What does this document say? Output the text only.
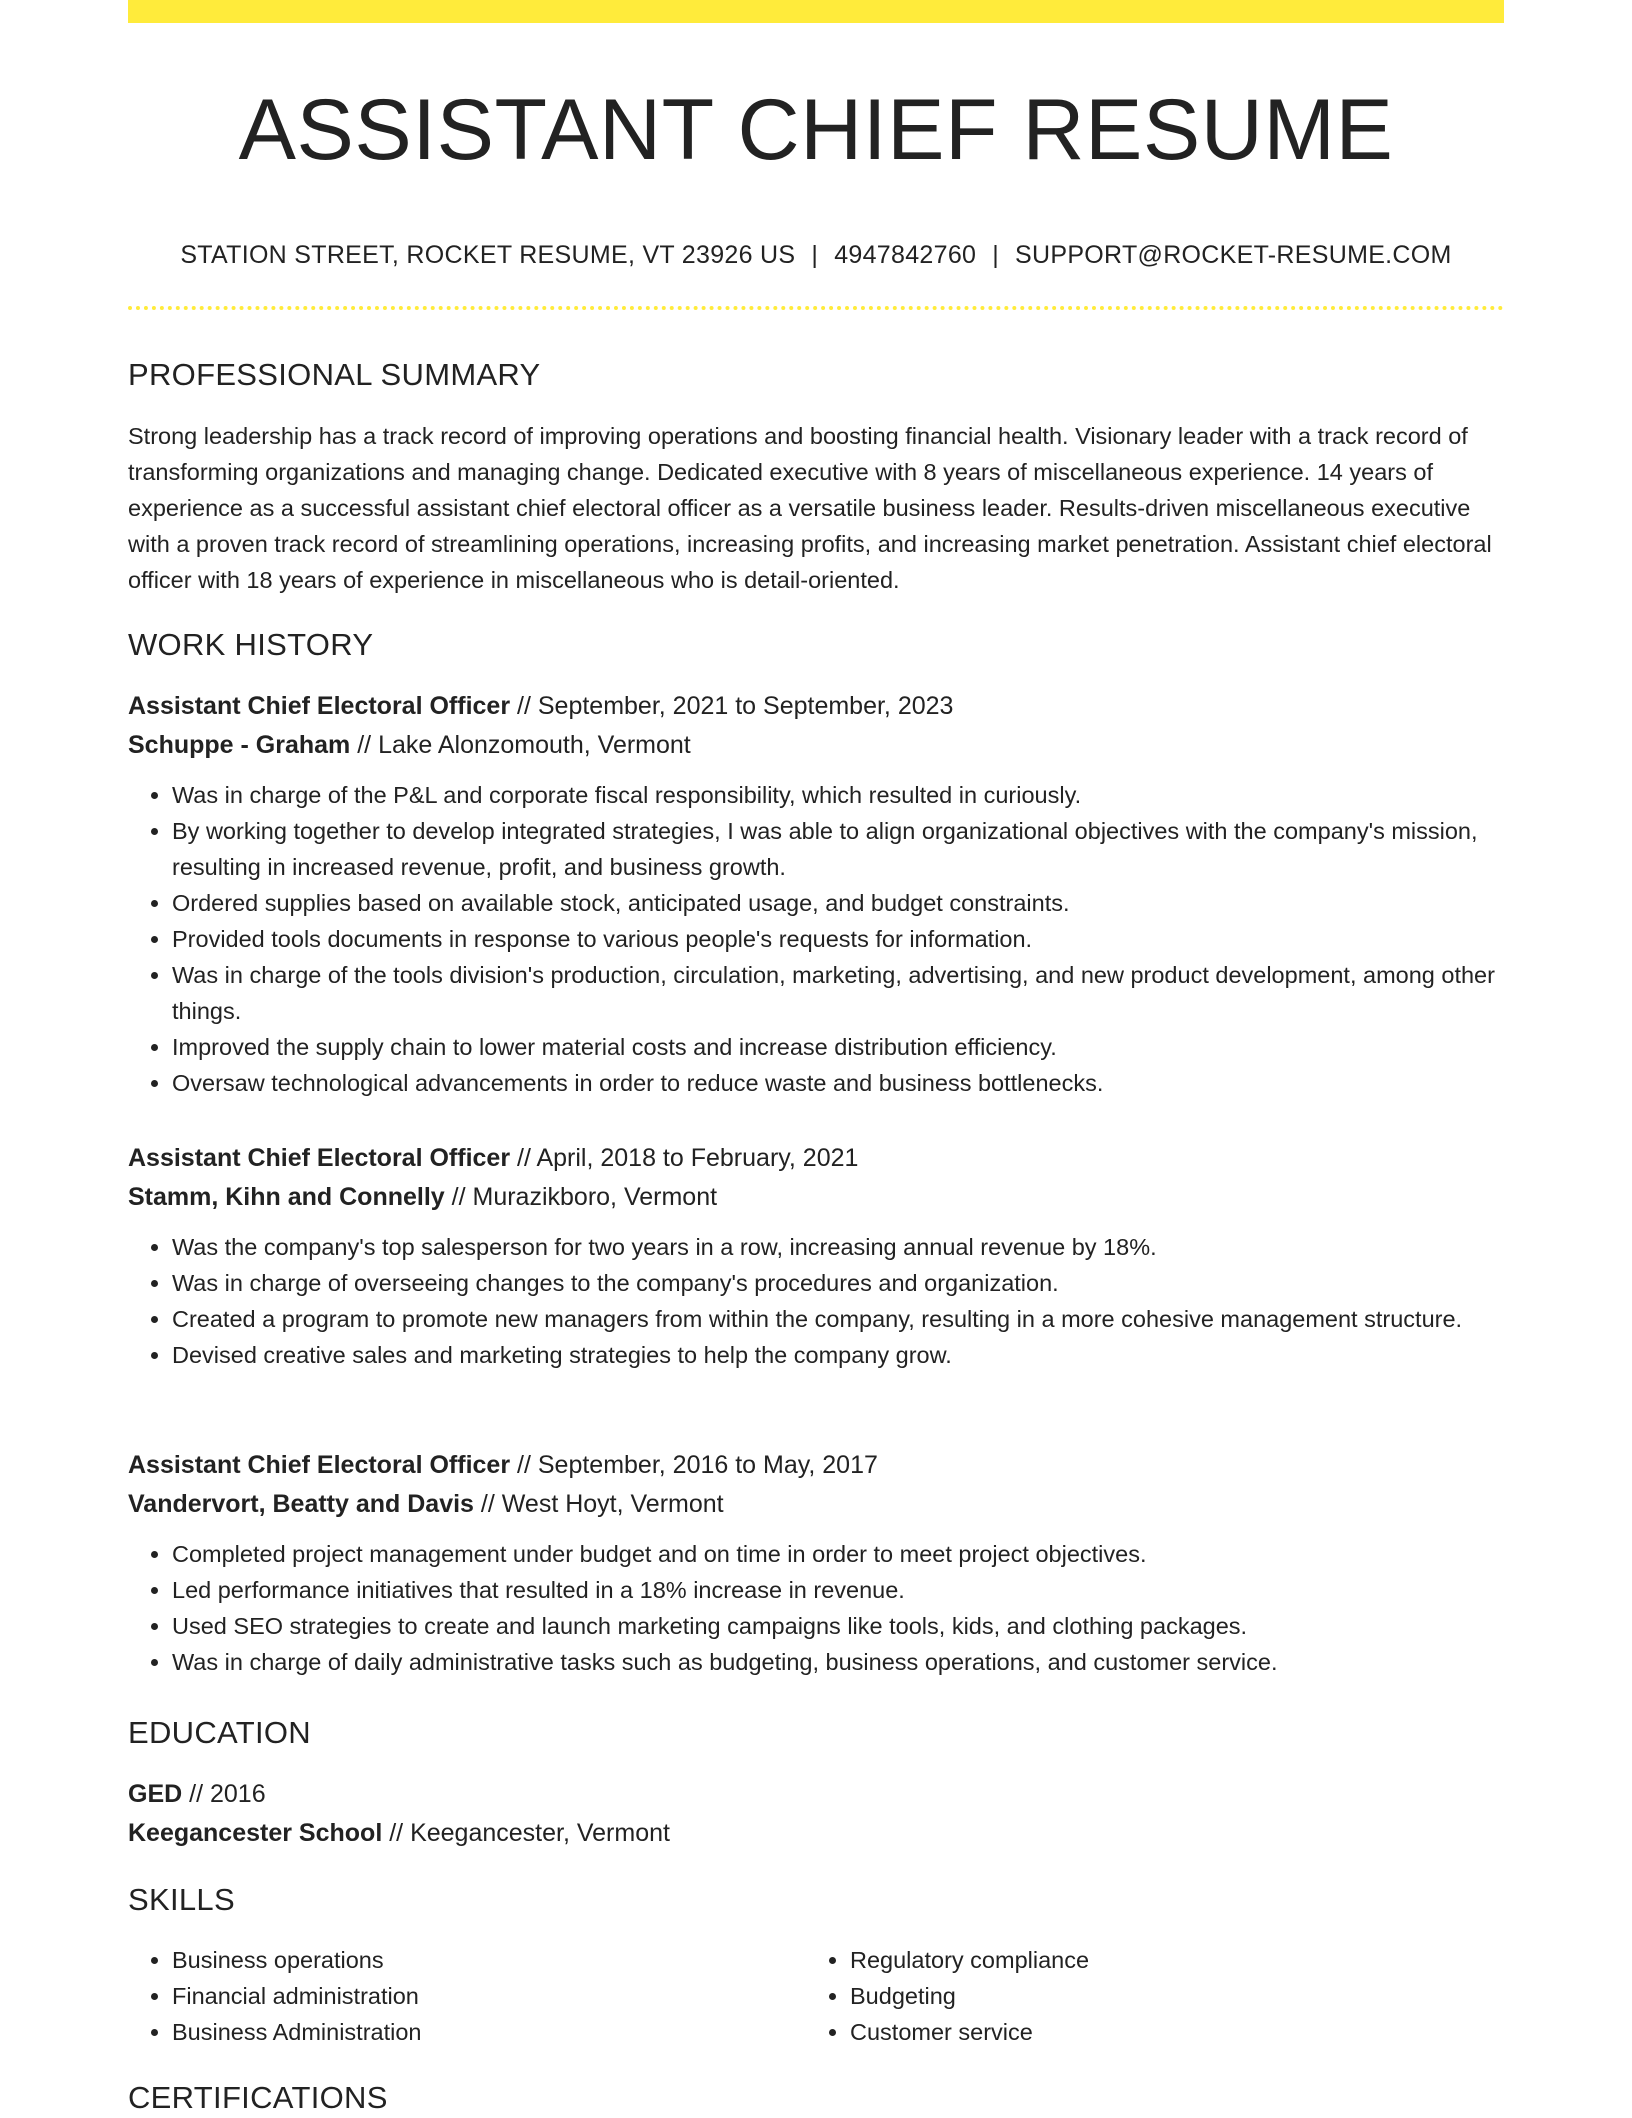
ASSISTANT CHIEF RESUME
STATION STREET, ROCKET RESUME, VT 23926 US | 4947842760 | SUPPORT@ROCKET-RESUME.COM
PROFESSIONAL SUMMARY
Strong leadership has a track record of improving operations and boosting financial health. Visionary leader with a track record of transforming organizations and managing change. Dedicated executive with 8 years of miscellaneous experience. 14 years of experience as a successful assistant chief electoral officer as a versatile business leader. Results-driven miscellaneous executive with a proven track record of streamlining operations, increasing profits, and increasing market penetration. Assistant chief electoral officer with 18 years of experience in miscellaneous who is detail-oriented.
WORK HISTORY
Assistant Chief Electoral Officer // September, 2021 to September, 2023
Schuppe - Graham // Lake Alonzomouth, Vermont
• Was in charge of the P&L and corporate fiscal responsibility, which resulted in curiously.
• By working together to develop integrated strategies, I was able to align organizational objectives with the company's mission, resulting in increased revenue, profit, and business growth.
• Ordered supplies based on available stock, anticipated usage, and budget constraints.
• Provided tools documents in response to various people's requests for information.
• Was in charge of the tools division's production, circulation, marketing, advertising, and new product development, among other things.
• Improved the supply chain to lower material costs and increase distribution efficiency.
• Oversaw technological advancements in order to reduce waste and business bottlenecks.
Assistant Chief Electoral Officer // April, 2018 to February, 2021
Stamm, Kihn and Connelly // Murazikboro, Vermont
• Was the company's top salesperson for two years in a row, increasing annual revenue by 18%.
• Was in charge of overseeing changes to the company's procedures and organization.
• Created a program to promote new managers from within the company, resulting in a more cohesive management structure.
• Devised creative sales and marketing strategies to help the company grow.
Assistant Chief Electoral Officer // September, 2016 to May, 2017
Vandervort, Beatty and Davis // West Hoyt, Vermont
• Completed project management under budget and on time in order to meet project objectives.
• Led performance initiatives that resulted in a 18% increase in revenue.
• Used SEO strategies to create and launch marketing campaigns like tools, kids, and clothing packages.
• Was in charge of daily administrative tasks such as budgeting, business operations, and customer service.
EDUCATION
GED // 2016
Keegancester School // Keegancester, Vermont
SKILLS
• Business operations
• Financial administration
• Business Administration
• Regulatory compliance
• Budgeting
• Customer service
CERTIFICATIONS
